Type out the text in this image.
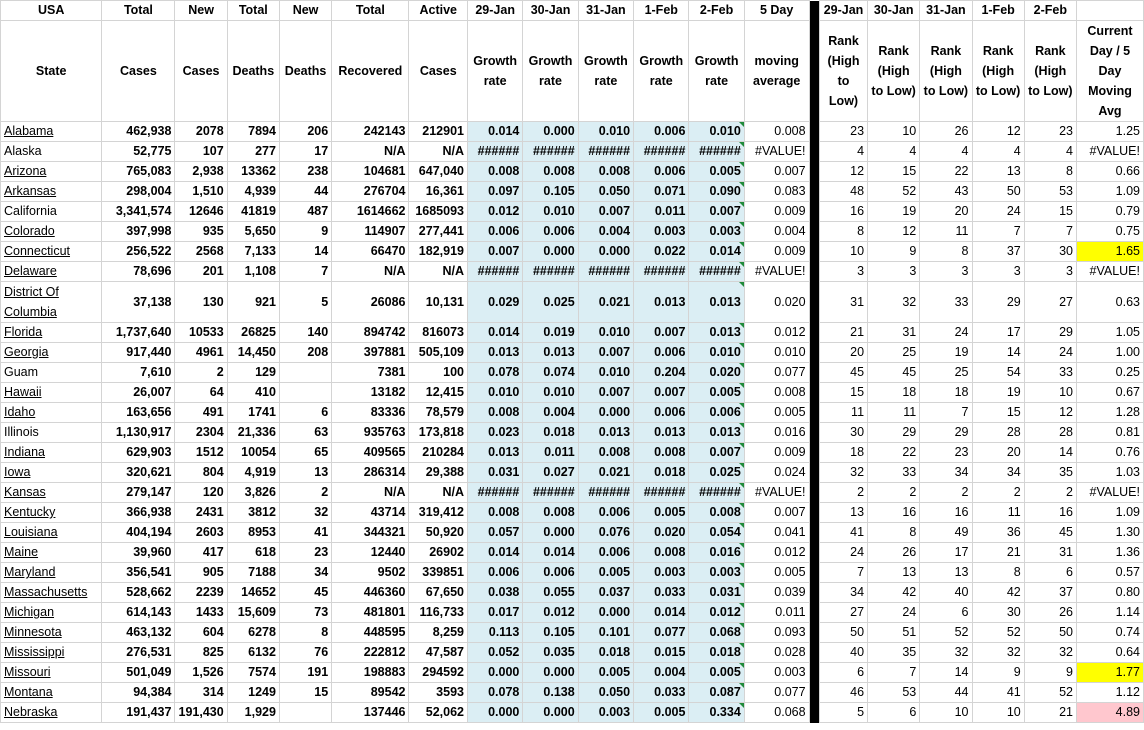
USA	Total	New	Total	New	Total	Active	29-Jan	30-Jan	31-Jan	1-Feb	2-Feb	5 Day		29-Jan	30-Jan	31-Jan	1-Feb	2-Feb	
State	Cases	Cases	Deaths	Deaths	Recovered	Cases	Growth rate	Growth rate	Growth rate	Growth rate	Growth rate	moving average		Rank (High to Low)	Rank (High to Low)	Rank (High to Low)	Rank (High to Low)	Rank (High to Low)	Current Day / 5 Day Moving Avg
Alabama	462,938	2078	7894	206	242143	212901	0.014	0.000	0.010	0.006	0.010	0.008		23	10	26	12	23	1.25
Alaska	52,775	107	277	17	N/A	N/A	######	######	######	######	######	#VALUE!		4	4	4	4	4	#VALUE!
Arizona	765,083	2,938	13362	238	104681	647,040	0.008	0.008	0.008	0.006	0.005	0.007		12	15	22	13	8	0.66
Arkansas	298,004	1,510	4,939	44	276704	16,361	0.097	0.105	0.050	0.071	0.090	0.083		48	52	43	50	53	1.09
California	3,341,574	12646	41819	487	1614662	1685093	0.012	0.010	0.007	0.011	0.007	0.009		16	19	20	24	15	0.79
Colorado	397,998	935	5,650	9	114907	277,441	0.006	0.006	0.004	0.003	0.003	0.004		8	12	11	7	7	0.75
Connecticut	256,522	2568	7,133	14	66470	182,919	0.007	0.000	0.000	0.022	0.014	0.009		10	9	8	37	30	1.65
Delaware	78,696	201	1,108	7	N/A	N/A	######	######	######	######	######	#VALUE!		3	3	3	3	3	#VALUE!
District Of Columbia	37,138	130	921	5	26086	10,131	0.029	0.025	0.021	0.013	0.013	0.020		31	32	33	29	27	0.63
Florida	1,737,640	10533	26825	140	894742	816073	0.014	0.019	0.010	0.007	0.013	0.012		21	31	24	17	29	1.05
Georgia	917,440	4961	14,450	208	397881	505,109	0.013	0.013	0.007	0.006	0.010	0.010		20	25	19	14	24	1.00
Guam	7,610	2	129		7381	100	0.078	0.074	0.010	0.204	0.020	0.077		45	45	25	54	33	0.25
Hawaii	26,007	64	410		13182	12,415	0.010	0.010	0.007	0.007	0.005	0.008		15	18	18	19	10	0.67
Idaho	163,656	491	1741	6	83336	78,579	0.008	0.004	0.000	0.006	0.006	0.005		11	11	7	15	12	1.28
Illinois	1,130,917	2304	21,336	63	935763	173,818	0.023	0.018	0.013	0.013	0.013	0.016		30	29	29	28	28	0.81
Indiana	629,903	1512	10054	65	409565	210284	0.013	0.011	0.008	0.008	0.007	0.009		18	22	23	20	14	0.76
Iowa	320,621	804	4,919	13	286314	29,388	0.031	0.027	0.021	0.018	0.025	0.024		32	33	34	34	35	1.03
Kansas	279,147	120	3,826	2	N/A	N/A	######	######	######	######	######	#VALUE!		2	2	2	2	2	#VALUE!
Kentucky	366,938	2431	3812	32	43714	319,412	0.008	0.008	0.006	0.005	0.008	0.007		13	16	16	11	16	1.09
Louisiana	404,194	2603	8953	41	344321	50,920	0.057	0.000	0.076	0.020	0.054	0.041		41	8	49	36	45	1.30
Maine	39,960	417	618	23	12440	26902	0.014	0.014	0.006	0.008	0.016	0.012		24	26	17	21	31	1.36
Maryland	356,541	905	7188	34	9502	339851	0.006	0.006	0.005	0.003	0.003	0.005		7	13	13	8	6	0.57
Massachusetts	528,662	2239	14652	45	446360	67,650	0.038	0.055	0.037	0.033	0.031	0.039		34	42	40	42	37	0.80
Michigan	614,143	1433	15,609	73	481801	116,733	0.017	0.012	0.000	0.014	0.012	0.011		27	24	6	30	26	1.14
Minnesota	463,132	604	6278	8	448595	8,259	0.113	0.105	0.101	0.077	0.068	0.093		50	51	52	52	50	0.74
Mississippi	276,531	825	6132	76	222812	47,587	0.052	0.035	0.018	0.015	0.018	0.028		40	35	32	32	32	0.64
Missouri	501,049	1,526	7574	191	198883	294592	0.000	0.000	0.005	0.004	0.005	0.003		6	7	14	9	9	1.77
Montana	94,384	314	1249	15	89542	3593	0.078	0.138	0.050	0.033	0.087	0.077		46	53	44	41	52	1.12
Nebraska	191,437	191,430	1,929		137446	52,062	0.000	0.000	0.003	0.005	0.334	0.068		5	6	10	10	21	4.89
